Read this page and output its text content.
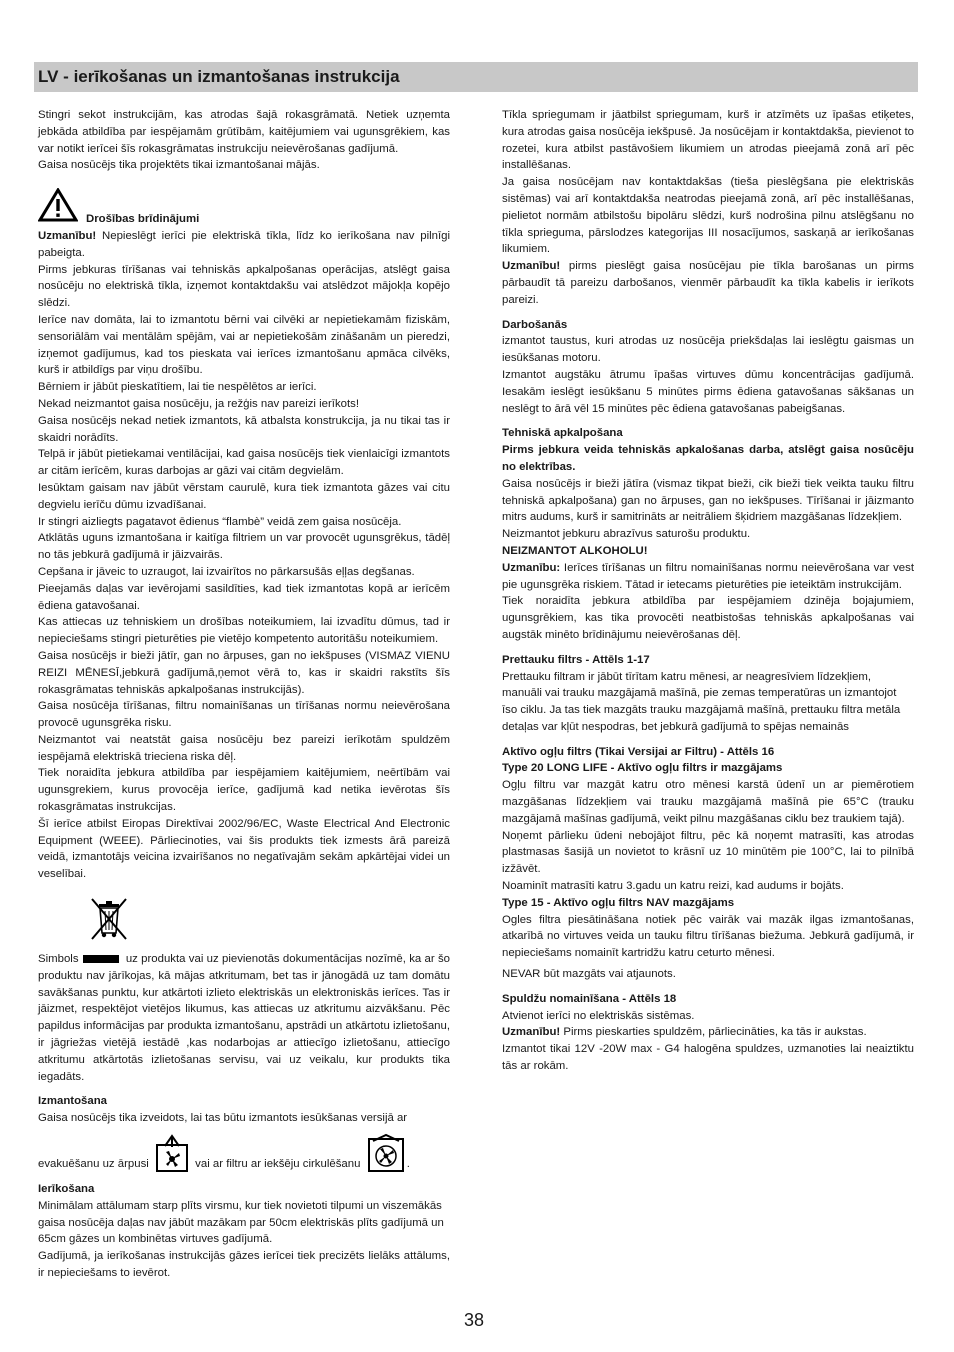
LV - ierīkošanas un izmantošanas instrukcija

Stingri sekot instrukcijām, kas atrodas šajā rokasgrāmatā. Netiek uzņemta jebkāda atbildība par iespējamām grūtībām, kaitējumiem vai ugunsgrēkiem, kas var notikt ierīcei šīs rokasgrāmatas instrukciju neievērošanas gadījumā.

Gaisa nosūcējs tika projektēts tikai izmantošanai mājās.

Drošības brīdinājumi

Uzmanību! Nepieslēgt ierīci pie elektriskā tīkla, līdz ko ierīkošana nav pilnīgi pabeigta.

Pirms jebkuras tīrīšanas vai tehniskās apkalpošanas operācijas, atslēgt gaisa nosūcēju no elektriskā tīkla, izņemot kontaktdakšu vai atslēdzot mājokļa kopējo slēdzi.

Ierīce nav domāta, lai to izmantotu bērni vai cilvēki ar nepietiekamām fiziskām, sensoriālām vai mentālām spējām, vai ar nepietiekošām zināšanām un pieredzi, izņemot gadījumus, kad tos pieskata vai ierīces izmantošanu apmāca cilvēks, kurš ir atbildīgs par viņu drošību.

Bērniem ir jābūt pieskatītiem, lai tie nespēlētos ar ierīci.

Nekad neizmantot gaisa nosūcēju, ja režģis nav pareizi ierīkots!

Gaisa nosūcējs nekad netiek izmantots, kā atbalsta konstrukcija, ja nu tikai tas ir skaidri norādīts.

Telpā ir jābūt pietiekamai ventilācijai, kad gaisa nosūcējs tiek vienlaicīgi izmantots ar citām ierīcēm, kuras darbojas ar gāzi vai citām degvielām.

Iesūktam gaisam nav jābūt vērstam caurulē, kura tiek izmantota gāzes vai citu degvielu ierīču dūmu izvadīšanai.

Ir stingri aizliegts pagatavot ēdienus “flambè” veidā zem gaisa nosūcēja.

Atklātās uguns izmantošana ir kaitīga filtriem un var provocēt ugunsgrēkus, tādēļ no tās jebkurā gadījumā ir jāizvairās.

Cepšana ir jāveic to uzraugot, lai izvairītos no pārkarsušās eļļas degšanas.

Pieejamās daļas var ievērojami sasildīties, kad tiek izmantotas kopā ar ierīcēm ēdiena gatavošanai.

Kas attiecas uz tehniskiem un drošības noteikumiem, lai izvadītu dūmus, tad ir nepieciešams stingri pieturēties pie vietējo kompetento autoritāšu noteikumiem.

Gaisa nosūcējs ir bieži jātīr, gan no ārpuses, gan no iekšpuses (VISMAZ VIENU REIZI MĒNESĪ,jebkurā gadījumā,ņemot vērā to, kas ir skaidri rakstīts šīs rokasgrāmatas tehniskās apkalpošanas instrukcijās).

Gaisa nosūcēja tīrīšanas, filtru nomainīšanas un tīrīšanas normu neievērošana provocē ugunsgrēka risku.

Neizmantot vai neatstāt gaisa nosūcēju bez pareizi ierīkotām spuldzēm iespējamā elektriskā trieciena riska dēļ.

Tiek noraidīta jebkura atbildība par iespējamiem kaitējumiem, neērtībām vai ugunsgrekiem, kurus provocēja ierīce, gadījumā kad netika ievērotas šīs rokasgrāmatas instrukcijas.

Šī ierīce atbilst Eiropas Direktīvai 2002/96/EC, Waste Electrical And Electronic Equipment (WEEE). Pārliecinoties, vai šis produkts tiek izmests ārā pareizā veidā, izmantotājs veicina izvairīšanos no negatīvajām sekām apkārtējai videi un veselībai.

Simbols	uz produkta vai uz pievienotās dokumentācijas nozīmē, ka ar šo produktu nav jārīkojas, kā mājas atkritumam, bet tas ir jānogādā uz tam domātu savākšanas punktu, kur atkārtoti izlieto elektriskās un elektroniskās ierīces. Tas ir jāizmet, respektējot vietējos likumus, kas attiecas uz atkritumu aizvākšanu. Pēc papildus informācijas par produkta izmantošanu, apstrādi un atkārtotu izlietošanu, ir jāgriežas vietējā iestādē ,kas nodarbojas ar attiecīgo izlietošanu, attiecīgo atkritumu atkārtotās izlietošanas servisu, vai uz veikalu, kur produkts tika iegadāts.

Izmantošana

Gaisa nosūcējs tika izveidots, lai tas būtu izmantots iesūkšanas versijā ar

evakuēšanu uz ārpusi	vai ar filtru ar iekšēju cirkulēšanu	.

Ierīkošana

Minimālam attālumam starp plīts virsmu, kur tiek novietoti tilpumi un viszemākās gaisa nosūcēja daļas nav jābūt mazākam par 50cm elektriskās plīts gadījumā un 65cm gāzes un kombinētas virtuves gadījumā.

Gadījumā, ja ierīkošanas instrukcijās gāzes ierīcei tiek precizēts lielāks attālums, ir nepieciešams to ievērot.

Tīkla spriegumam ir jāatbilst spriegumam, kurš ir atzīmēts uz īpašas etiķetes, kura atrodas gaisa nosūcēja iekšpusē. Ja nosūcējam ir kontaktdakša, pievienot to rozetei, kura atbilst pastāvošiem likumiem un atrodas pieejamā zonā arī pēc installēšanas.

Ja gaisa nosūcējam nav kontaktdakšas (tieša pieslēgšana pie elektriskās sistēmas) vai arī kontaktdakša neatrodas pieejamā zonā, arī pēc installēšanas, pielietot normām atbilstošu bipolāru slēdzi, kurš nodrošina pilnu atslēgšanu no tīkla sprieguma, pārslodzes kategorijas III nosacījumos, saskaņā ar ierīkošanas likumiem.

Uzmanību! pirms pieslēgt gaisa nosūcējau pie tīkla barošanas un pirms pārbaudīt tā pareizu darbošanos, vienmēr pārbaudīt ka tīkla kabelis ir ierīkots pareizi.

Darbošanās

izmantot taustus, kuri atrodas uz nosūcēja priekšdaļas lai ieslēgtu gaismas un iesūkšanas motoru.

Izmantot augstāku ātrumu īpašas virtuves dūmu koncentrācijas gadījumā. Iesakām ieslēgt iesūkšanu 5 minūtes pirms ēdiena gatavošanas sākšanas un neslēgt to ārā vēl 15 minūtes pēc ēdiena gatavošanas pabeigšanas.

Tehniskā apkalpošana

Pirms jebkura veida tehniskās apkalošanas darba, atslēgt gaisa nosūcēju no elektrības.

Gaisa nosūcējs ir bieži jātīra (vismaz tikpat bieži, cik bieži tiek veikta tauku filtru tehniskā apkalpošana) gan no ārpuses, gan no iekšpuses. Tīrīšanai ir jāizmanto mitrs audums, kurš ir samitrināts ar neitrāliem šķidriem mazgāšanas līdzekļiem.

Neizmantot jebkuru abrazīvus saturošu produktu.

NEIZMANTOT ALKOHOLU!

Uzmanību: Ierīces tīrīšanas un filtru nomainīšanas normu neievērošana var vest pie ugunsgrēka riskiem. Tātad ir ietecams pieturēties pie ieteiktām instrukcijām.

Tiek noraidīta jebkura atbildība par iespējamiem dzinēja bojajumiem, ugunsgrēkiem, kas tika provocēti neatbistošas tehniskās apkalpošanas vai augstāk minēto brīdinājumu neievērošanas dēļ.

Prettauku filtrs - Attēls 1-17

Prettauku filtram ir jābūt tīrītam katru mēnesi, ar neagresīviem līdzekļiem, manuāli vai trauku mazgājamā mašīnā, pie zemas temperatūras un izmantojot īso ciklu. Ja tas tiek mazgāts trauku mazgājamā mašīnā, prettauku filtra metāla detaļas var kļūt nespodras, bet jebkurā gadījumā to spējas nemainās

Aktīvo ogļu filtrs (Tikai Versijai ar Filtru) - Attēls 16

Type 20 LONG LIFE - Aktīvo ogļu filtrs ir mazgājams

Ogļu filtru var mazgāt katru otro mēnesi karstā ūdenī un ar piemērotiem mazgāšanas līdzekļiem vai trauku mazgājamā mašīnā pie 65°C (trauku mazgājamā mašīnas gadījumā, veikt pilnu mazgāšanas ciklu bez traukiem tajā).

Noņemt pārlieku ūdeni nebojājot filtru, pēc kā noņemt matrasīti, kas atrodas plastmasas šasijā un novietot to krāsnī uz 10 minūtēm pie 100°C, lai to pilnībā izžāvēt.

Noaminīt matrasīti katru 3.gadu un katru reizi, kad audums ir bojāts.

Type 15 - Aktīvo ogļu filtrs NAV mazgājams

Ogles filtra piesātināšana notiek pēc vairāk vai mazāk ilgas izmantošanas, atkarībā no virtuves veida un tauku filtru tīrīšanas biežuma. Jebkurā gadījumā, ir nepieciešams nomainīt kartridžu katru ceturto mēnesi.

NEVAR būt mazgāts vai atjaunots.

Spuldžu nomainīšana - Attēls 18

Atvienot ierīci no elektriskās sistēmas.

Uzmanību! Pirms pieskarties spuldzēm, pārliecināties, ka tās ir aukstas.

Izmantot tikai 12V -20W max - G4 halogēna spuldzes, uzmanoties lai neaiztiktu tās ar rokām.

38
